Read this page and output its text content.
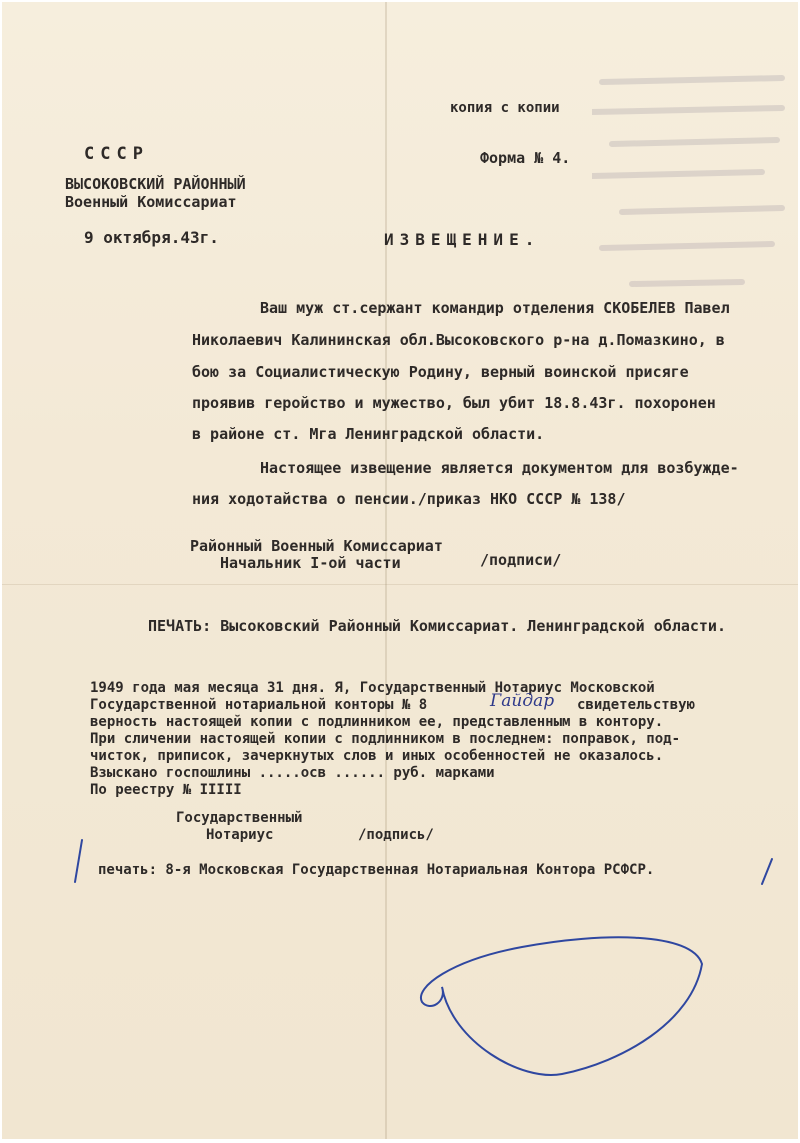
копия с копии
СССР	Форма № 4.
ВЫСОКОВСКИЙ РАЙОННЫЙ
Военный Комиссариат
9 октября.43г.	ИЗВЕЩЕНИЕ.
Ваш муж ст.сержант командир отделения СКОБЕЛЕВ Павел
Николаевич Калининская обл.Высоковского р-на д.Помазкино, в
бою за Социалистическую Родину, верный воинской присяге
проявив геройство и мужество, был убит 18.8.43г. похоронен
в районе ст. Мга Ленинградской области.
Настоящее извещение является документом для возбужде-
ния ходотайства о пенсии./приказ НКО СССР № 138/
Районный Военный Комиссариат
Начальник I-ой части	/подписи/
ПЕЧАТЬ: Высоковский Районный Комиссариат. Ленинградской области.
1949 года мая месяца 31 дня. Я, Государственный Нотариус Московской
Государственной нотариальной конторы № 8	Гайдар свидетельствую
верность настоящей копии с подлинником ее, представленным в контору.
При сличении настоящей копии с подлинником в последнем: поправок, под-
чисток, приписок, зачеркнутых слов и иных особенностей не оказалось.
Взыскано госпошлины .....осв ...... руб. марками
По реестру № IIIII
Государственный
Нотариус	/подпись/
печать: 8-я Московская Государственная Нотариальная Контора РСФСР.
